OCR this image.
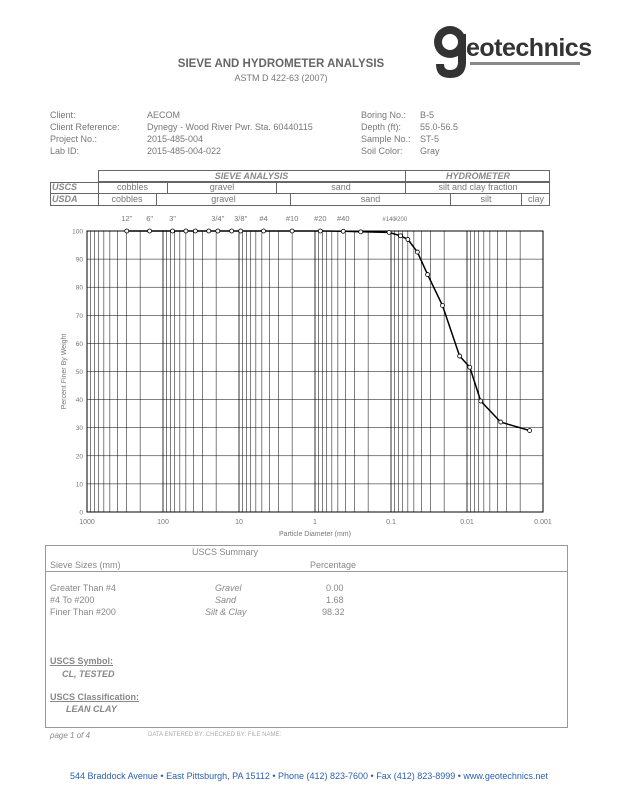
eotechnics
SIEVE AND HYDROMETER ANALYSIS
ASTM D 422-63 (2007)
Client:	AECOM
Client Reference:	Dynegy - Wood River Pwr. Sta. 60440115
Project No.:	2015-485-004
Lab ID:	2015-485-004-022
Boring No.: B-5
Depth (ft): 55.0-56.5
Sample No.: ST-5
Soil Color: Gray
SIEVE ANALYSIS	HYDROMETER
USCS
USDA
cobbles	gravel	sand	silt and clay fraction
cobbles	gravel	sand	silt	clay
100
90
80
70
60
50
40
30
20
10
0
1000	100	10	1	0.1	0.01	0.001
12" 6" 3"	3/4" 3/8" #4 #10 #20 #40	#140
#200
Particle Diameter (mm)
Percent Finer By Weight
USCS Summary
Sieve Sizes (mm)	Percentage
Greater Than #4	Gravel	0.00
#4 To #200	Sand	1.68
Finer Than #200	Silt & Clay	98.32
USCS Symbol:
CL, TESTED
USCS Classification:
LEAN CLAY
page 1 of 4	DATA ENTERED BY: CHECKED BY: FILE NAME:
544 Braddock Avenue • East Pittsburgh, PA 15112 • Phone (412) 823-7600 • Fax (412) 823-8999 • www.geotechnics.net
